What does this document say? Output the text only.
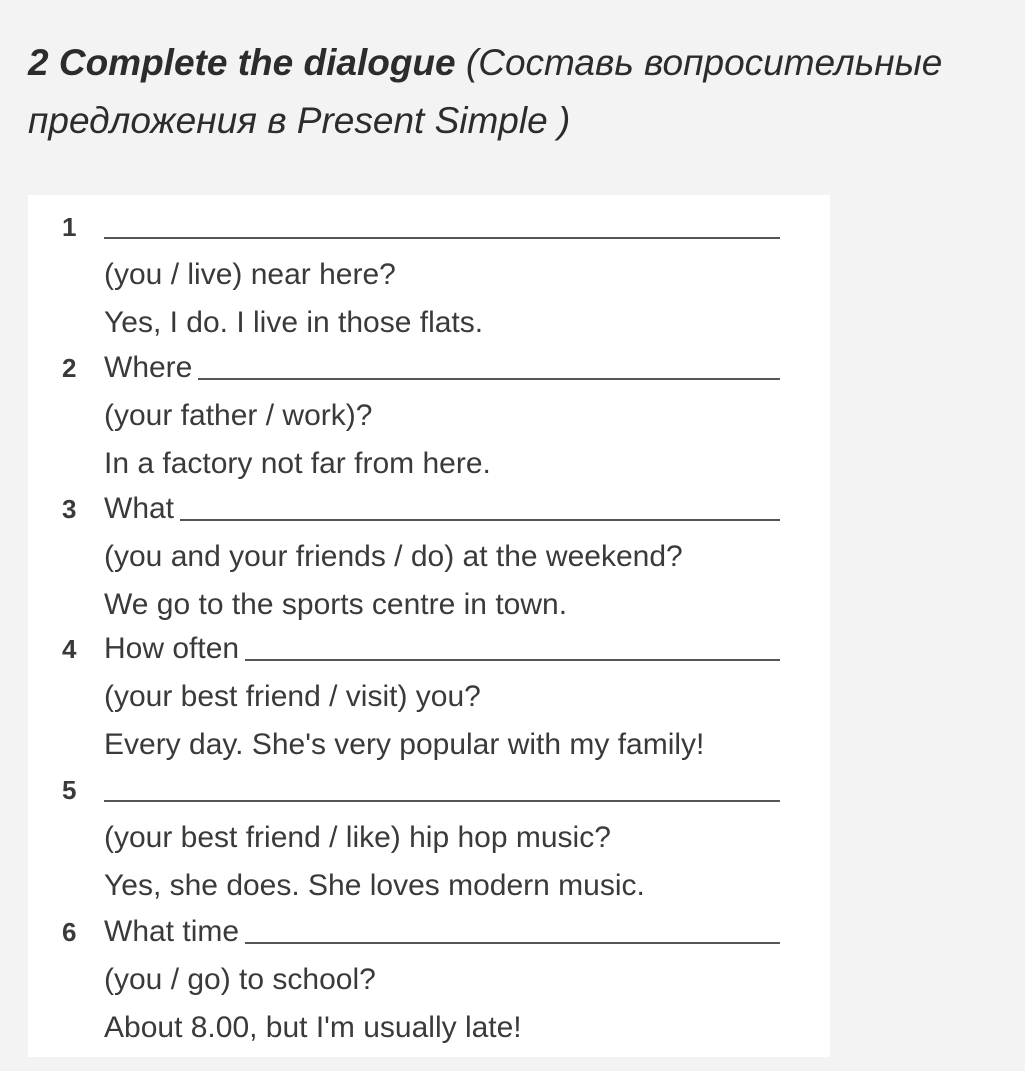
2 Complete the dialogue (Составь вопросительные предложения в Present Simple )
1
(you / live) near here?
Yes, I do. I live in those flats.
2 Where
(your father / work)?
In a factory not far from here.
3 What
(you and your friends / do) at the weekend?
We go to the sports centre in town.
4 How often
(your best friend / visit) you?
Every day. She's very popular with my family!
5
(your best friend / like) hip hop music?
Yes, she does. She loves modern music.
6 What time
(you / go) to school?
About 8.00, but I'm usually late!
